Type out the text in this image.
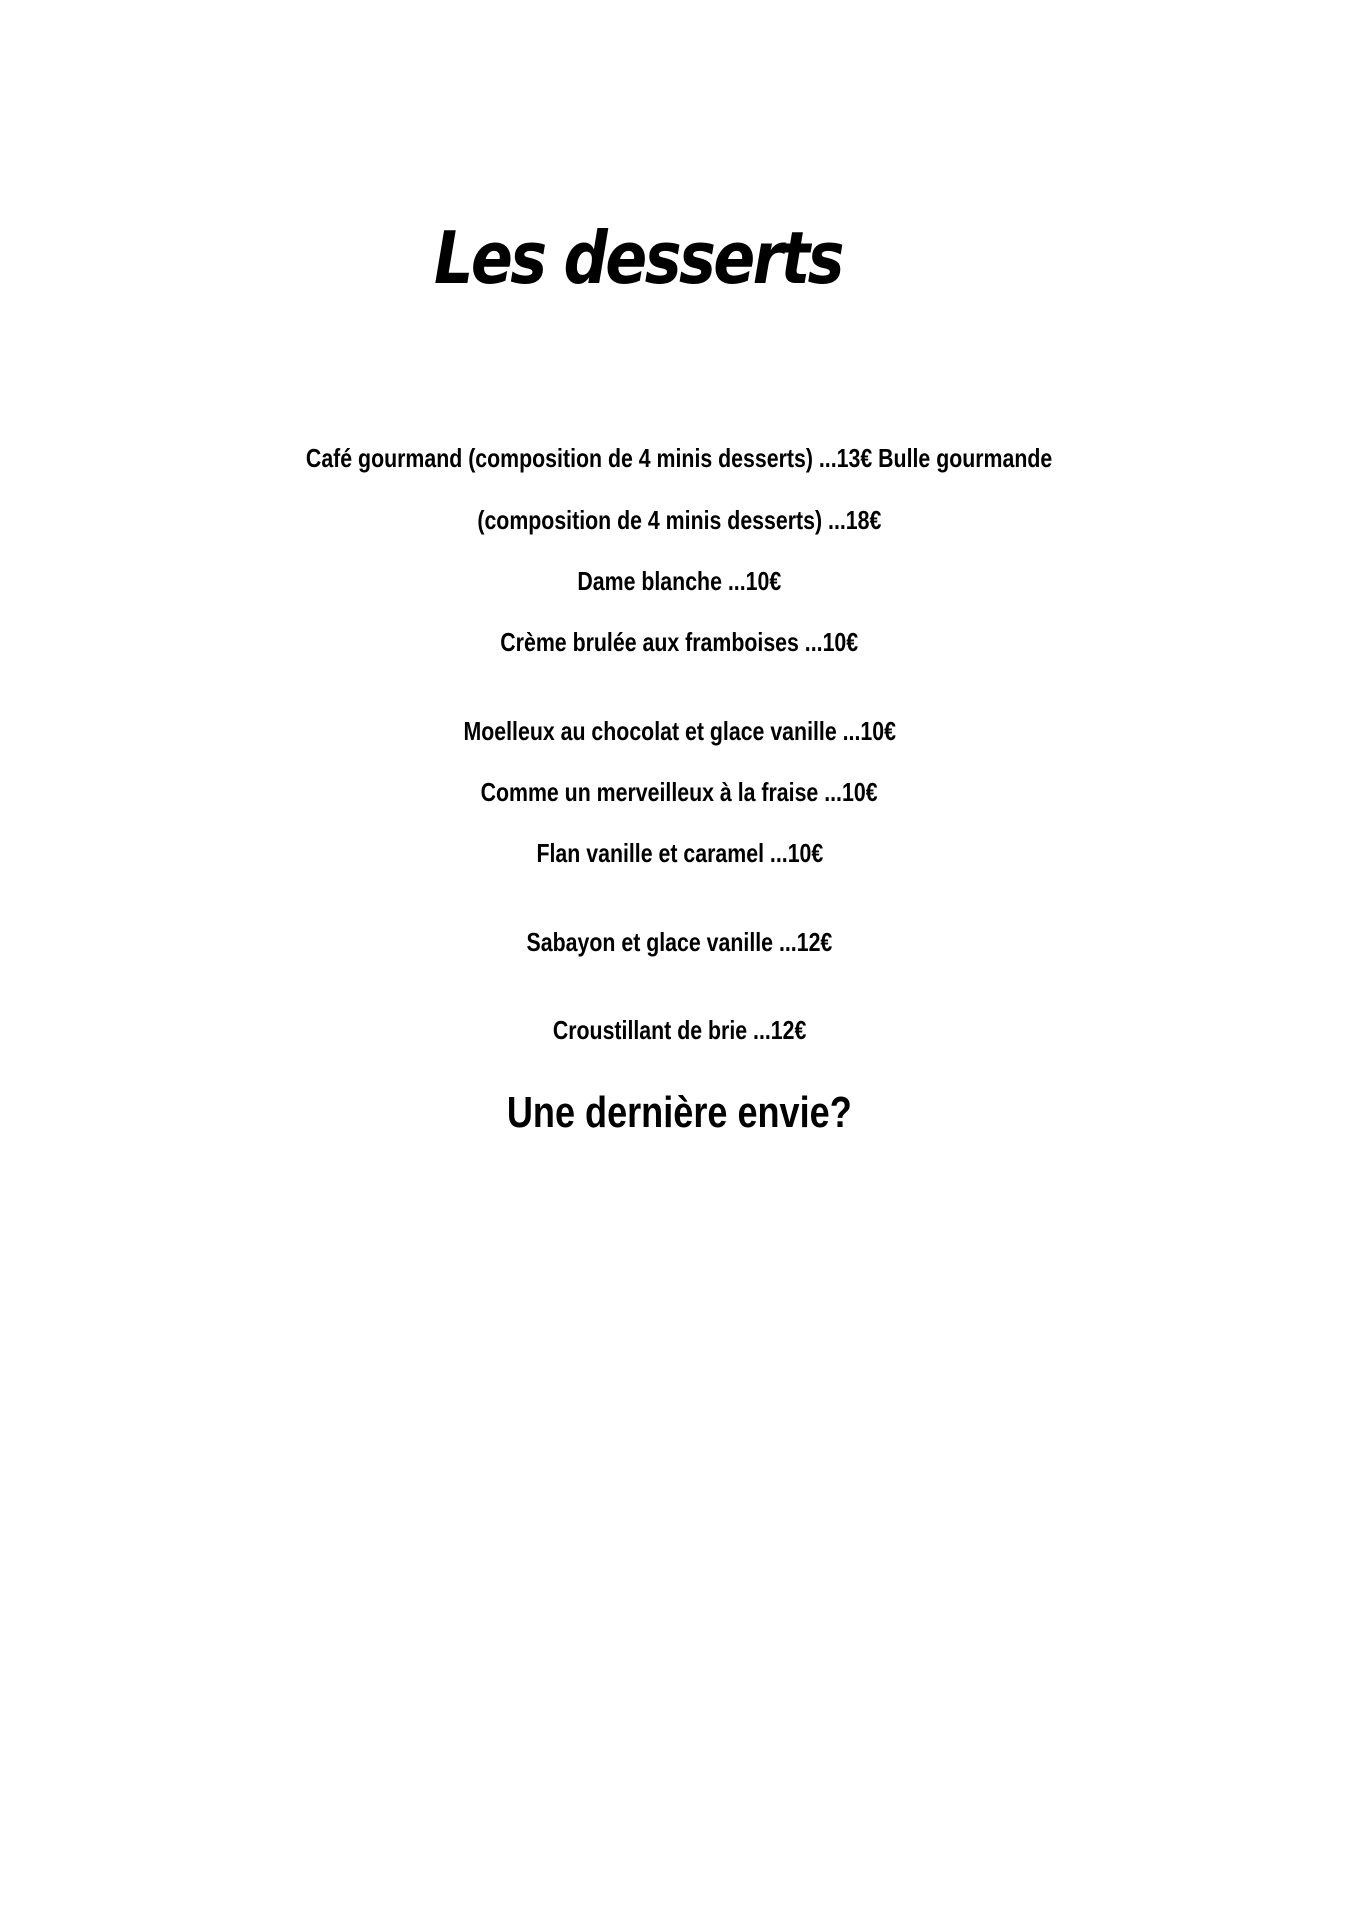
Les desserts

Café gourmand (composition de 4 minis desserts) ...13€ Bulle gourmande

(composition de 4 minis desserts) ...18€

Dame blanche ...10€

Crème brulée aux framboises ...10€

Moelleux au chocolat et glace vanille ...10€

Comme un merveilleux à la fraise ...10€

Flan vanille et caramel ...10€

Sabayon et glace vanille ...12€

Croustillant de brie ...12€

Une dernière envie?
